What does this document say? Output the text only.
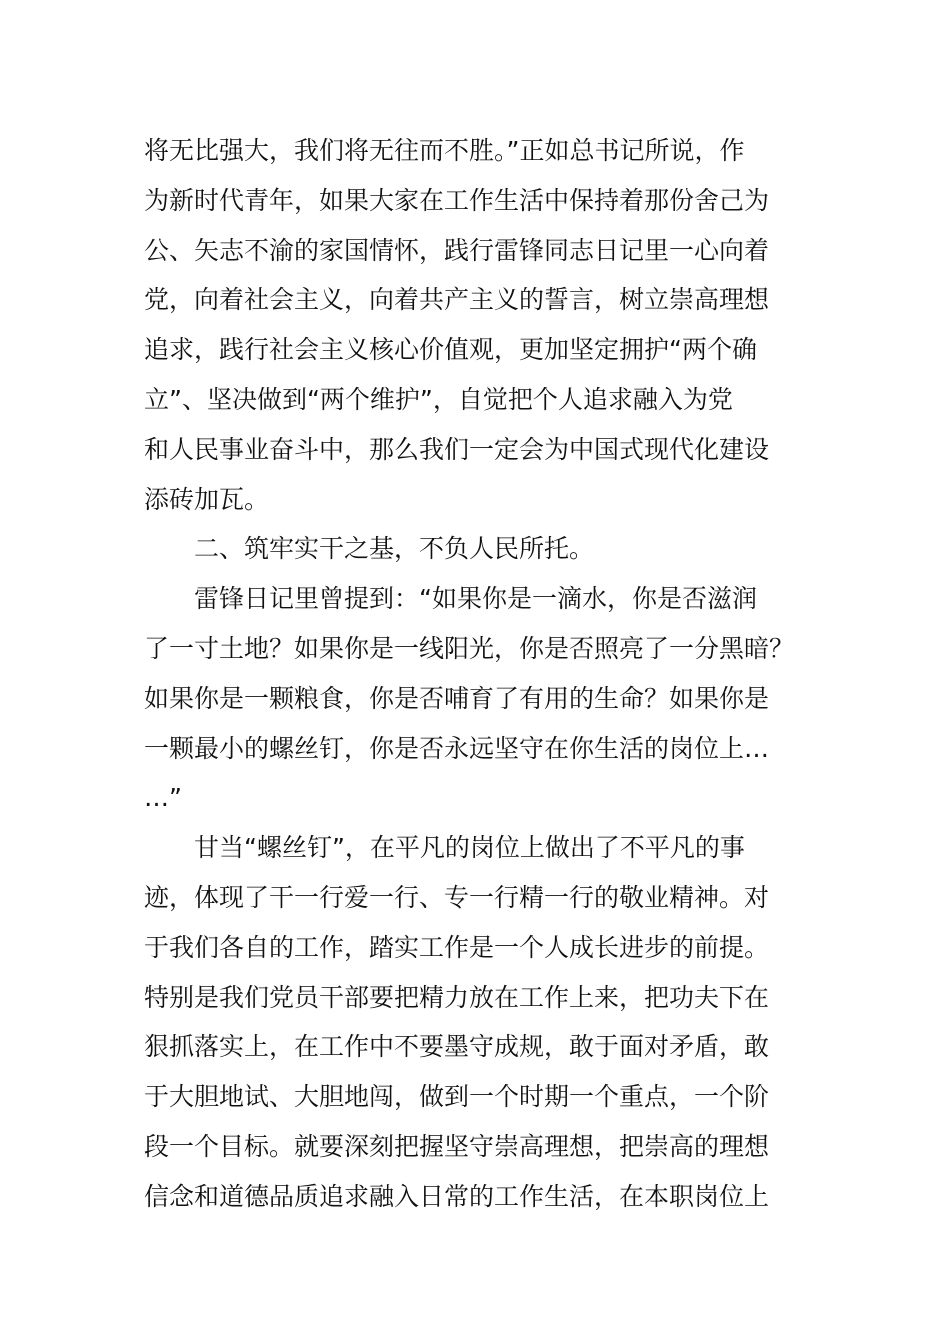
将无比强大，我们将无往而不胜。”正如总书记所说，作
为新时代青年，如果大家在工作生活中保持着那份舍己为
公、矢志不渝的家国情怀，践行雷锋同志日记里一心向着
党，向着社会主义，向着共产主义的誓言，树立崇高理想
追求，践行社会主义核心价值观，更加坚定拥护“两个确
立”、坚决做到“两个维护”，自觉把个人追求融入为党
和人民事业奋斗中，那么我们一定会为中国式现代化建设
添砖加瓦。
　　二、筑牢实干之基，不负人民所托。
　　雷锋日记里曾提到：“如果你是一滴水，你是否滋润
了一寸土地？如果你是一线阳光，你是否照亮了一分黑暗？
如果你是一颗粮食，你是否哺育了有用的生命？如果你是
一颗最小的螺丝钉，你是否永远坚守在你生活的岗位上…
…”
　　甘当“螺丝钉”，在平凡的岗位上做出了不平凡的事
迹，体现了干一行爱一行、专一行精一行的敬业精神。对
于我们各自的工作，踏实工作是一个人成长进步的前提。
特别是我们党员干部要把精力放在工作上来，把功夫下在
狠抓落实上，在工作中不要墨守成规，敢于面对矛盾，敢
于大胆地试、大胆地闯，做到一个时期一个重点，一个阶
段一个目标。就要深刻把握坚守崇高理想，把崇高的理想
信念和道德品质追求融入日常的工作生活，在本职岗位上
